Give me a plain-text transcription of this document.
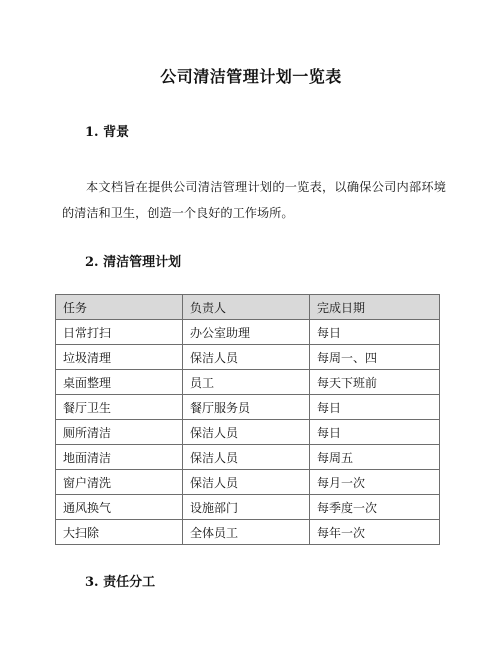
公司清洁管理计划一览表
1. 背景
本文档旨在提供公司清洁管理计划的一览表，以确保公司内部环境的清洁和卫生，创造一个良好的工作场所。
2. 清洁管理计划
任务	负责人	完成日期
日常打扫	办公室助理	每日
垃圾清理	保洁人员	每周一、四
桌面整理	员工	每天下班前
餐厅卫生	餐厅服务员	每日
厕所清洁	保洁人员	每日
地面清洁	保洁人员	每周五
窗户清洗	保洁人员	每月一次
通风换气	设施部门	每季度一次
大扫除	全体员工	每年一次
3. 责任分工
